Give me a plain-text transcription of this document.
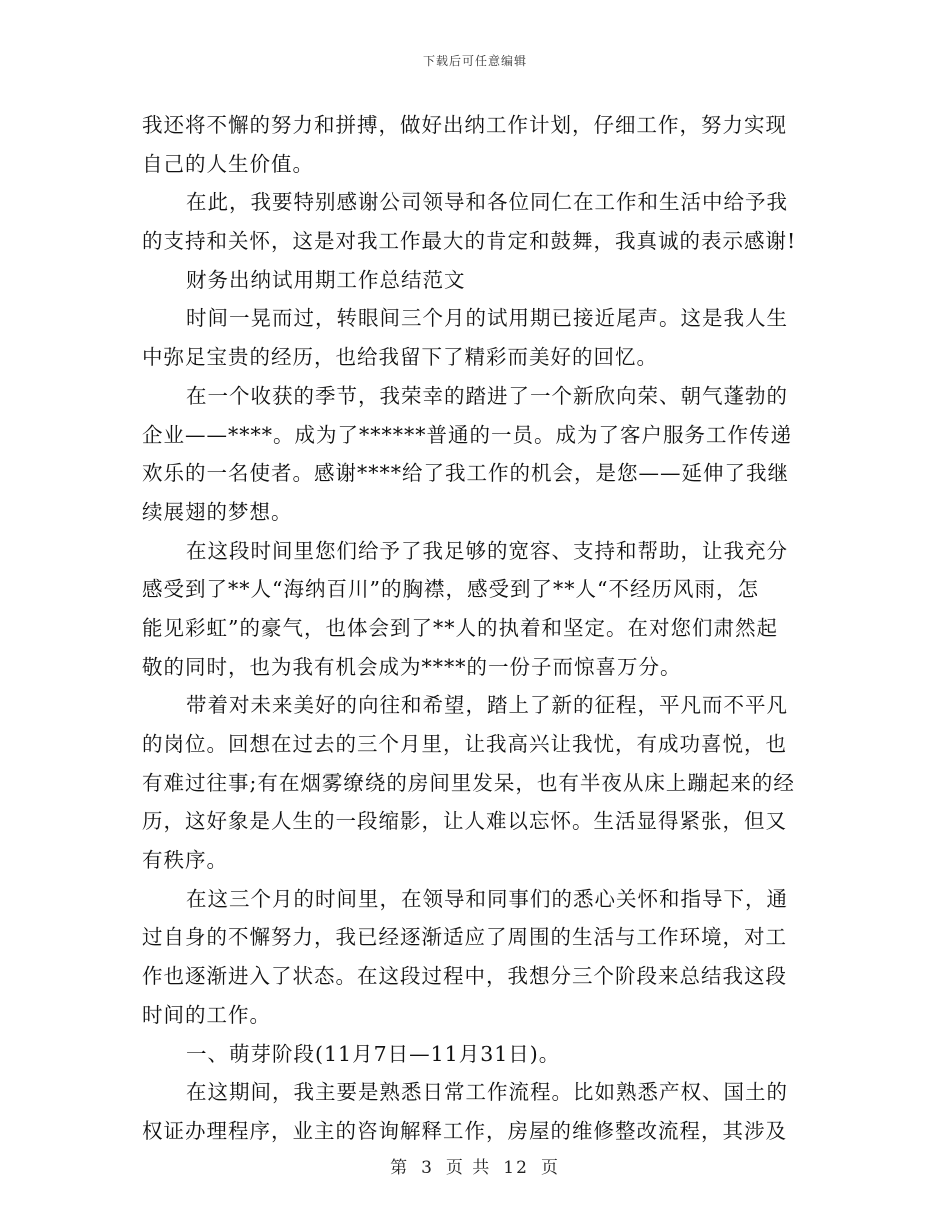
下载后可任意编辑
我还将不懈的努力和拼搏，做好出纳工作计划，仔细工作，努力实现
自己的人生价值。
在此，我要特别感谢公司领导和各位同仁在工作和生活中给予我
的支持和关怀，这是对我工作最大的肯定和鼓舞，我真诚的表示感谢!
财务出纳试用期工作总结范文
时间一晃而过，转眼间三个月的试用期已接近尾声。这是我人生
中弥足宝贵的经历，也给我留下了精彩而美好的回忆。
在一个收获的季节，我荣幸的踏进了一个新欣向荣、朝气蓬勃的
企业——****。成为了******普通的一员。成为了客户服务工作传递
欢乐的一名使者。感谢****给了我工作的机会，是您——延伸了我继
续展翅的梦想。
在这段时间里您们给予了我足够的宽容、支持和帮助，让我充分
感受到了**人“海纳百川”的胸襟，感受到了**人“不经历风雨，怎
能见彩虹”的豪气，也体会到了**人的执着和坚定。在对您们肃然起
敬的同时，也为我有机会成为****的一份子而惊喜万分。
带着对未来美好的向往和希望，踏上了新的征程，平凡而不平凡
的岗位。回想在过去的三个月里，让我高兴让我忧，有成功喜悦，也
有难过往事;有在烟雾缭绕的房间里发呆，也有半夜从床上蹦起来的经
历，这好象是人生的一段缩影，让人难以忘怀。生活显得紧张，但又
有秩序。
在这三个月的时间里，在领导和同事们的悉心关怀和指导下，通
过自身的不懈努力，我已经逐渐适应了周围的生活与工作环境，对工
作也逐渐进入了状态。在这段过程中，我想分三个阶段来总结我这段
时间的工作。
一、萌芽阶段(11月7日—11月31日)。
在这期间，我主要是熟悉日常工作流程。比如熟悉产权、国土的
权证办理程序，业主的咨询解释工作，房屋的维修整改流程，其涉及
第 3 页 共 12 页
